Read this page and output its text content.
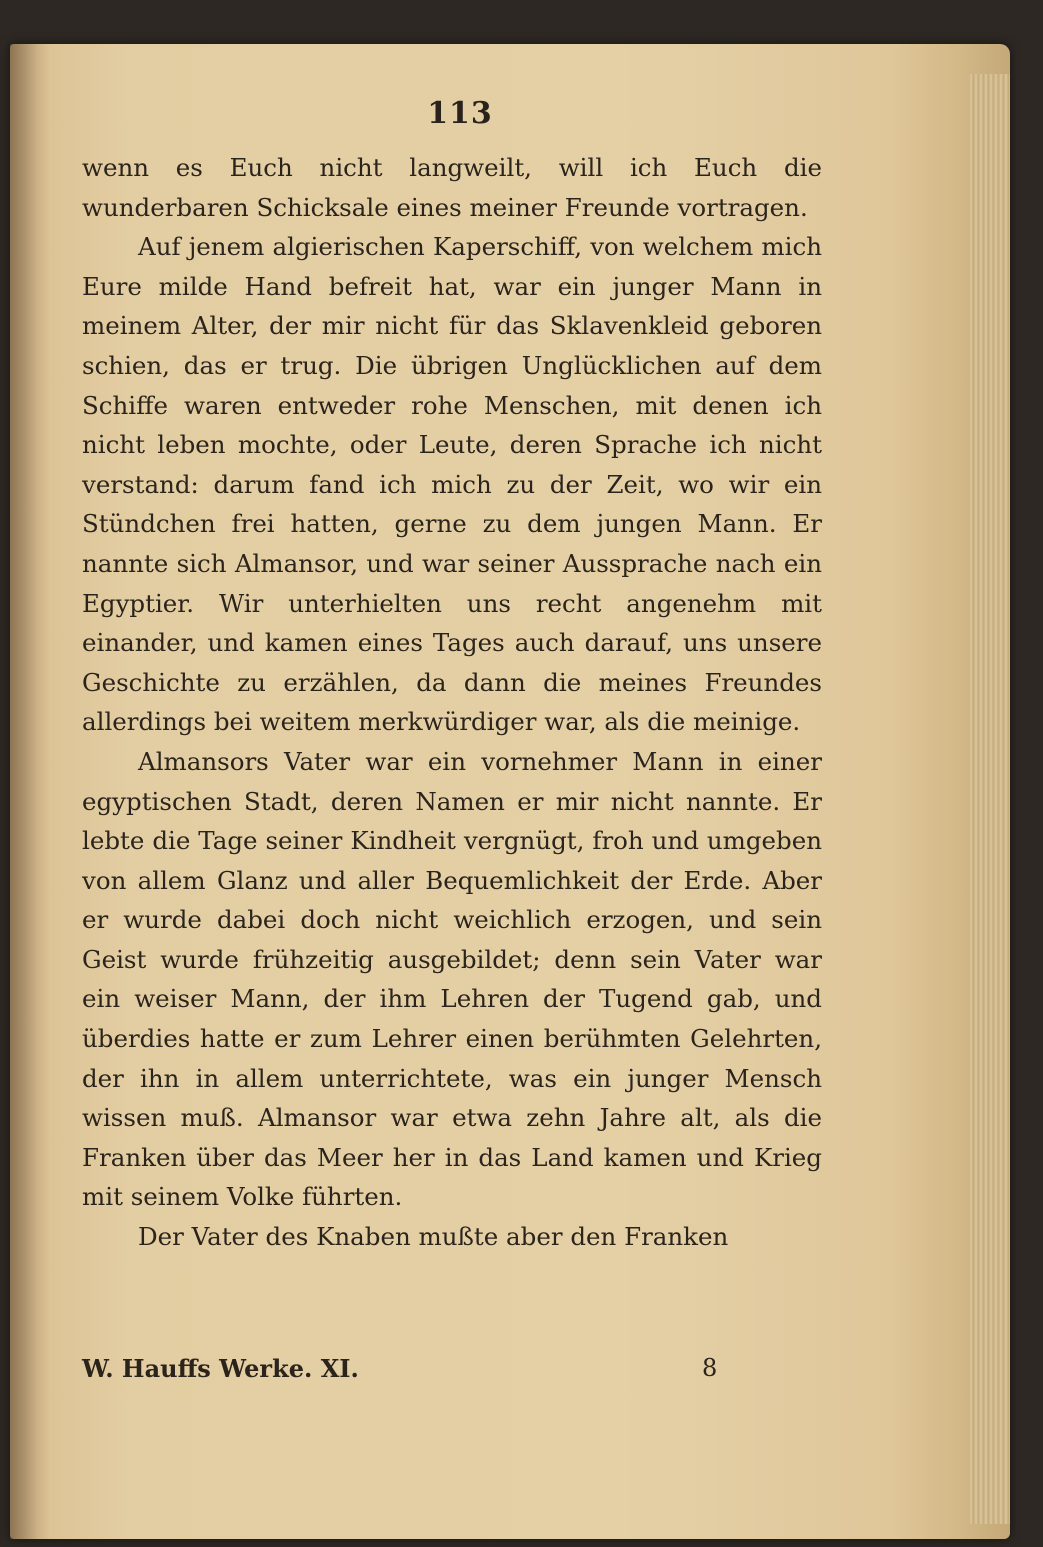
113

wenn es Euch nicht langweilt, will ich Euch die wunderbaren Schicksale eines meiner Freunde vortragen.

Auf jenem algierischen Kaperschiff, von welchem mich Eure milde Hand befreit hat, war ein junger Mann in meinem Alter, der mir nicht für das Sklavenkleid geboren schien, das er trug. Die übrigen Unglücklichen auf dem Schiffe waren entweder rohe Menschen, mit denen ich nicht leben mochte, oder Leute, deren Sprache ich nicht verstand: darum fand ich mich zu der Zeit, wo wir ein Stündchen frei hatten, gerne zu dem jungen Mann. Er nannte sich Almansor, und war seiner Aussprache nach ein Egyptier. Wir unterhielten uns recht angenehm mit einander, und kamen eines Tages auch darauf, uns unsere Geschichte zu erzählen, da dann die meines Freundes allerdings bei weitem merkwürdiger war, als die meinige.

Almansors Vater war ein vornehmer Mann in einer egyptischen Stadt, deren Namen er mir nicht nannte. Er lebte die Tage seiner Kindheit vergnügt, froh und umgeben von allem Glanz und aller Bequemlichkeit der Erde. Aber er wurde dabei doch nicht weichlich erzogen, und sein Geist wurde frühzeitig ausgebildet; denn sein Vater war ein weiser Mann, der ihm Lehren der Tugend gab, und überdies hatte er zum Lehrer einen berühmten Gelehrten, der ihn in allem unterrichtete, was ein junger Mensch wissen muß. Almansor war etwa zehn Jahre alt, als die Franken über das Meer her in das Land kamen und Krieg mit seinem Volke führten.

Der Vater des Knaben mußte aber den Franken

W. Hauffs Werke. XI.	8
